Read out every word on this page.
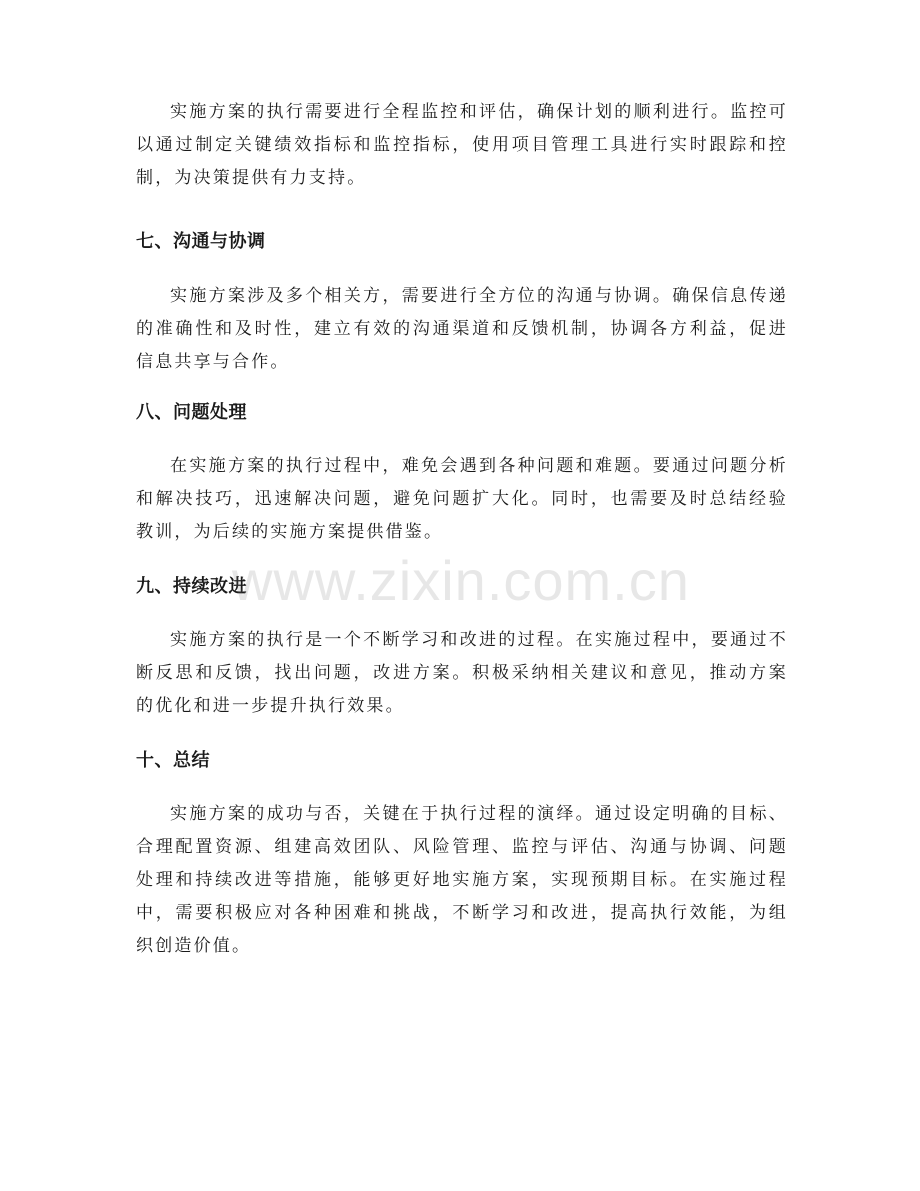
实施方案的执行需要进行全程监控和评估，确保计划的顺利进行。监控可以通过制定关键绩效指标和监控指标，使用项目管理工具进行实时跟踪和控制，为决策提供有力支持。

七、沟通与协调

实施方案涉及多个相关方，需要进行全方位的沟通与协调。确保信息传递的准确性和及时性，建立有效的沟通渠道和反馈机制，协调各方利益，促进信息共享与合作。

八、问题处理

在实施方案的执行过程中，难免会遇到各种问题和难题。要通过问题分析和解决技巧，迅速解决问题，避免问题扩大化。同时，也需要及时总结经验教训，为后续的实施方案提供借鉴。

九、持续改进

实施方案的执行是一个不断学习和改进的过程。在实施过程中，要通过不断反思和反馈，找出问题，改进方案。积极采纳相关建议和意见，推动方案的优化和进一步提升执行效果。

十、总结

实施方案的成功与否，关键在于执行过程的演绎。通过设定明确的目标、合理配置资源、组建高效团队、风险管理、监控与评估、沟通与协调、问题处理和持续改进等措施，能够更好地实施方案，实现预期目标。在实施过程中，需要积极应对各种困难和挑战，不断学习和改进，提高执行效能，为组织创造价值。

www.zixin.com.cn
